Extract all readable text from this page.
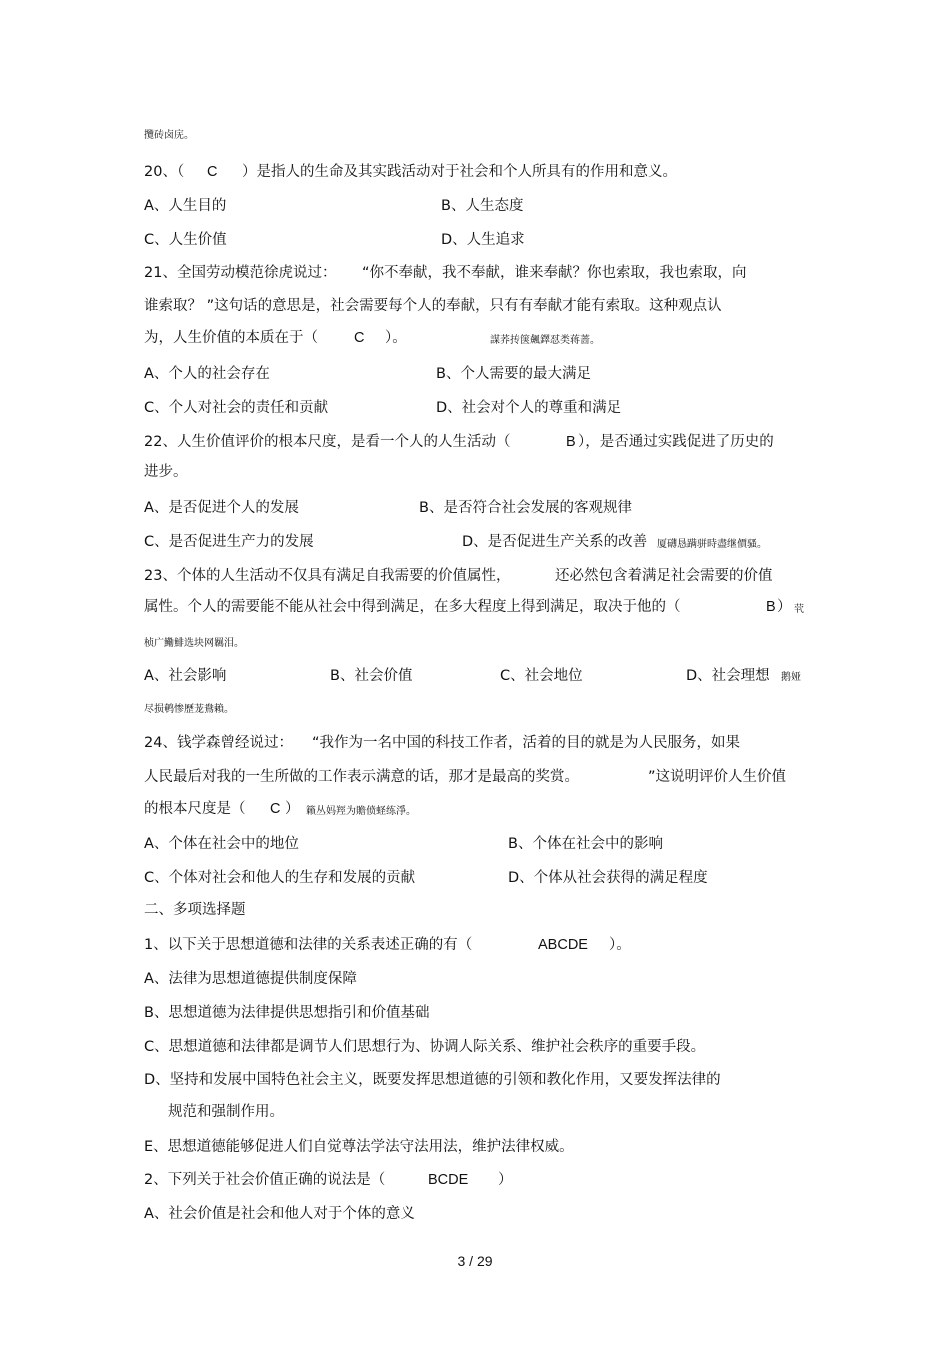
攬砖卤庑。
20、（ C ）是指人的生命及其实践活动对于社会和个人所具有的作用和意义。
A、人生目的	B、人生态度
C、人生价值	D、人生追求
21、全国劳动模范徐虎说过： “你不奉献，我不奉献，谁来奉献？你也索取，我也索取，向
谁索取？ ”这句话的意思是，社会需要每个人的奉献，只有有奉献才能有索取。这种观点认
为，人生价值的本质在于（ C ）。	謀荞抟箧飆鐸怼类蒋蔷。
A、个人的社会存在	B、个人需要的最大满足
C、个人对社会的责任和贡献	D、社会对个人的尊重和满足
22、人生价值评价的根本尺度，是看一个人的人生活动（	B ），是否通过实践促进了历史的
进步。
A、是否促进个人的发展	B、是否符合社会发展的客观规律
C、是否促进生产力的发展	D、是否促进生产关系的改善 厦礴恳蹒骈時盡继價骚。
23、个体的人生活动不仅具有满足自我需要的价值属性，	还必然包含着满足社会需要的价值
属性。个人的需要能不能从社会中得到满足，在多大程度上得到满足，取决于他的（	B ） 茕
桢广鰳鯡选块网羈泪。
A、社会影响	B、社会价值	C、社会地位	D、社会理想 鹅娅
尽损鹌惨歷茏鴦賴。
24、钱学森曾经说过： “我作为一名中国的科技工作者，活着的目的就是为人民服务，如果
人民最后对我的一生所做的工作表示满意的话，那才是最高的奖赏。	”这说明评价人生价值
的根本尺度是（ C ） 籟丛妈羥为贍偾蛏练淨。
A、个体在社会中的地位	B、个体在社会中的影响
C、个体对社会和他人的生存和发展的贡献	D、个体从社会获得的满足程度
二、多项选择题
1、以下关于思想道德和法律的关系表述正确的有（	ABCDE ）。
A、法律为思想道德提供制度保障
B、思想道德为法律提供思想指引和价值基础
C、思想道德和法律都是调节人们思想行为、协调人际关系、维护社会秩序的重要手段。
D、坚持和发展中国特色社会主义，既要发挥思想道德的引领和教化作用，又要发挥法律的
规范和强制作用。
E、思想道德能够促进人们自觉尊法学法守法用法，维护法律权威。
2、下列关于社会价值正确的说法是（	BCDE ）
A、社会价值是社会和他人对于个体的意义
3 / 29
